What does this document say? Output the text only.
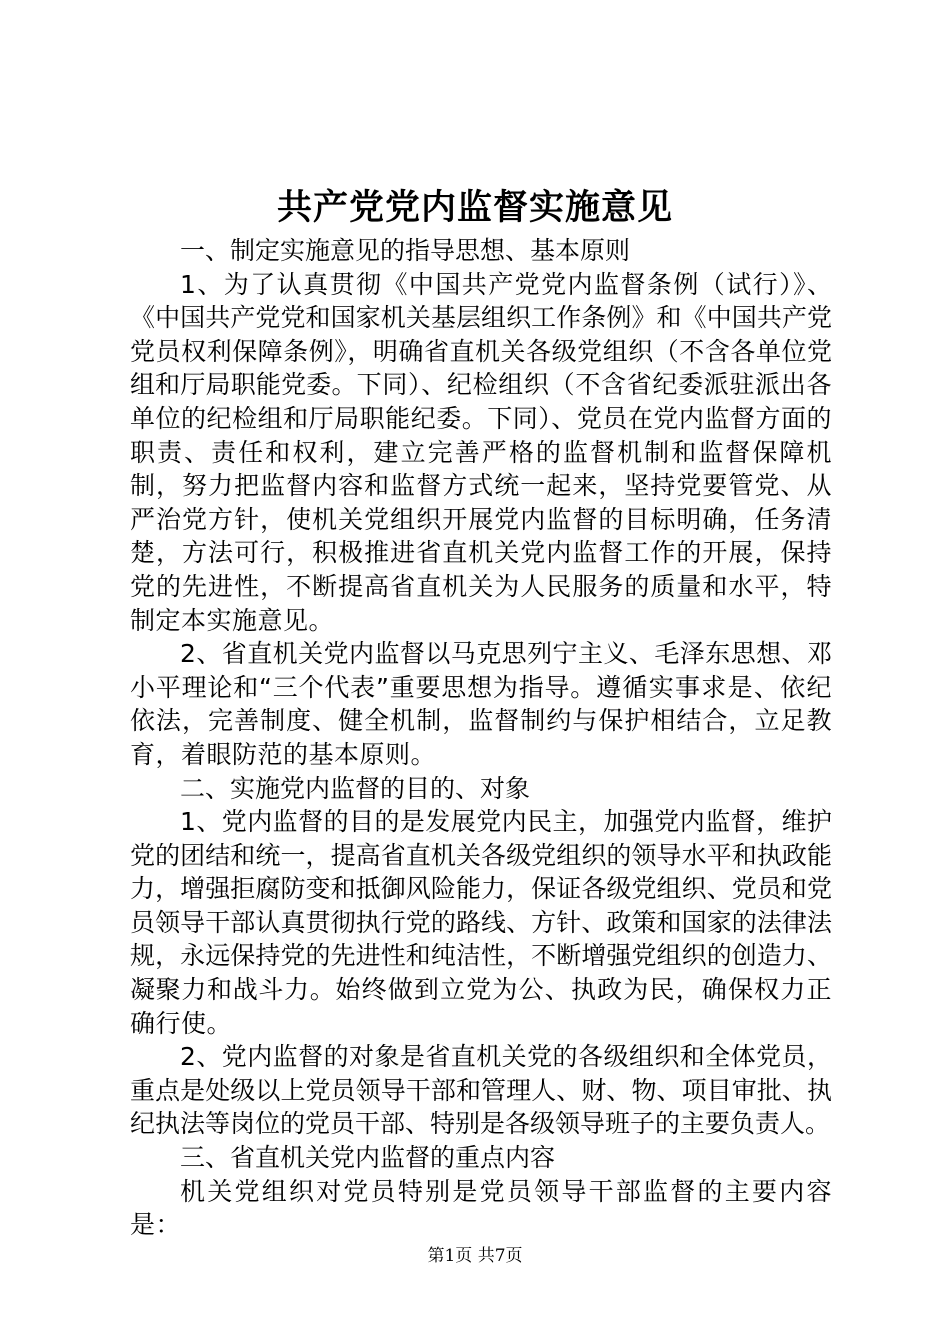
共产党党内监督实施意见

一、制定实施意见的指导思想、基本原则

1、为了认真贯彻《中国共产党党内监督条例（试行）》、《中国共产党党和国家机关基层组织工作条例》和《中国共产党党员权利保障条例》，明确省直机关各级党组织（不含各单位党组和厅局职能党委。下同）、纪检组织（不含省纪委派驻派出各单位的纪检组和厅局职能纪委。下同）、党员在党内监督方面的职责、责任和权利，建立完善严格的监督机制和监督保障机制，努力把监督内容和监督方式统一起来，坚持党要管党、从严治党方针，使机关党组织开展党内监督的目标明确，任务清楚，方法可行，积极推进省直机关党内监督工作的开展，保持党的先进性，不断提高省直机关为人民服务的质量和水平，特制定本实施意见。

2、省直机关党内监督以马克思列宁主义、毛泽东思想、邓小平理论和“三个代表”重要思想为指导。遵循实事求是、依纪依法，完善制度、健全机制，监督制约与保护相结合，立足教育，着眼防范的基本原则。

二、实施党内监督的目的、对象

1、党内监督的目的是发展党内民主，加强党内监督，维护党的团结和统一，提高省直机关各级党组织的领导水平和执政能力，增强拒腐防变和抵御风险能力，保证各级党组织、党员和党员领导干部认真贯彻执行党的路线、方针、政策和国家的法律法规，永远保持党的先进性和纯洁性，不断增强党组织的创造力、凝聚力和战斗力。始终做到立党为公、执政为民，确保权力正确行使。

2、党内监督的对象是省直机关党的各级组织和全体党员，重点是处级以上党员领导干部和管理人、财、物、项目审批、执纪执法等岗位的党员干部、特别是各级领导班子的主要负责人。

三、省直机关党内监督的重点内容

机关党组织对党员特别是党员领导干部监督的主要内容是：

第1页 共7页
